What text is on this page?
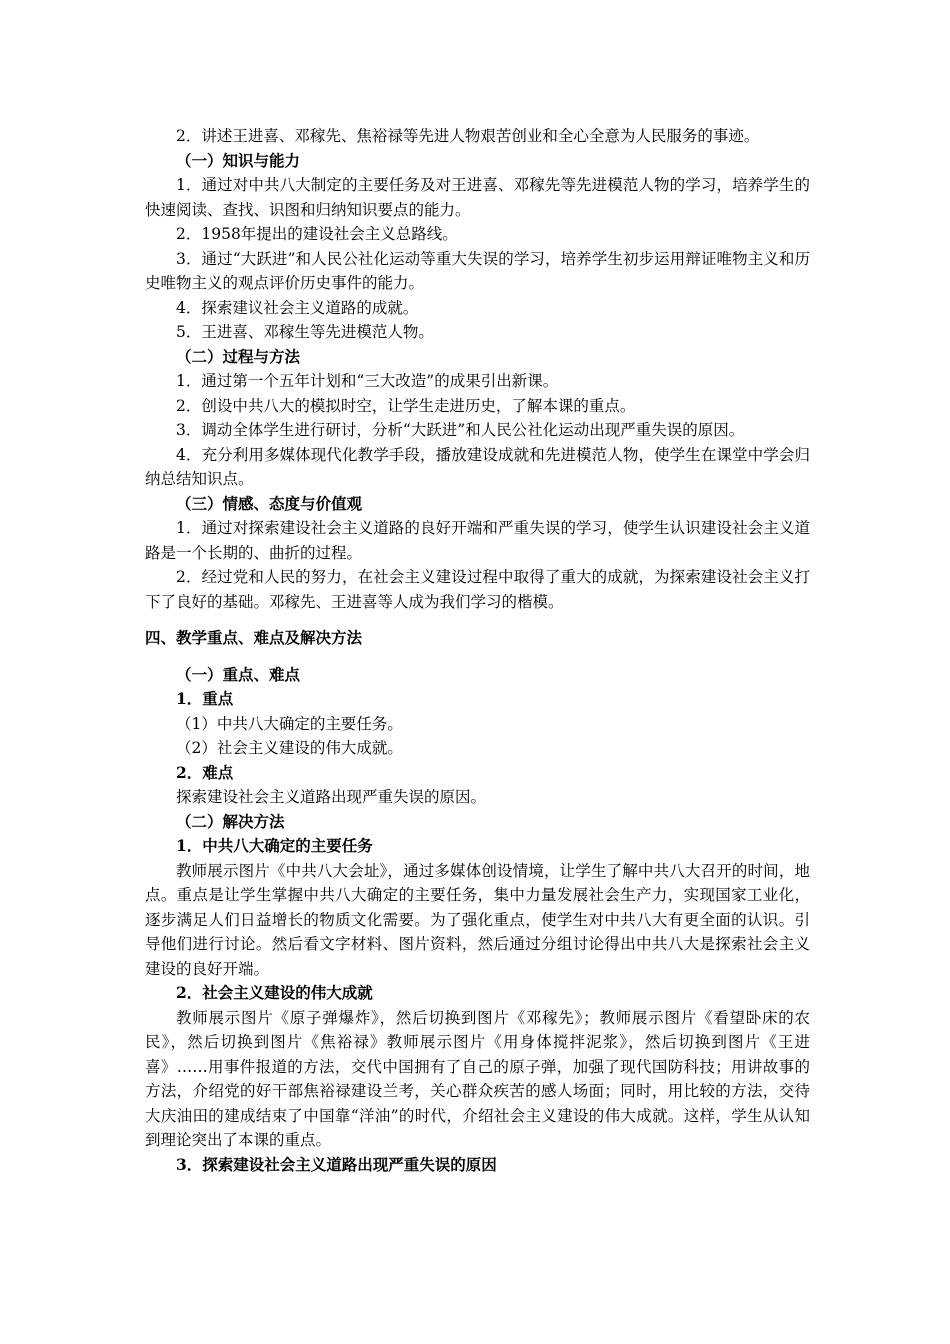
2．讲述王进喜、邓稼先、焦裕禄等先进人物艰苦创业和全心全意为人民服务的事迹。

（一）知识与能力

1．通过对中共八大制定的主要任务及对王进喜、邓稼先等先进模范人物的学习，培养学生的快速阅读、查找、识图和归纳知识要点的能力。

2．1958年提出的建设社会主义总路线。

3．通过“大跃进”和人民公社化运动等重大失误的学习，培养学生初步运用辩证唯物主义和历史唯物主义的观点评价历史事件的能力。

4．探索建议社会主义道路的成就。

5．王进喜、邓稼生等先进模范人物。

（二）过程与方法

1．通过第一个五年计划和“三大改造”的成果引出新课。

2．创设中共八大的模拟时空，让学生走进历史，了解本课的重点。

3．调动全体学生进行研讨，分析“大跃进”和人民公社化运动出现严重失误的原因。

4．充分利用多媒体现代化教学手段，播放建设成就和先进模范人物，使学生在课堂中学会归纳总结知识点。

（三）情感、态度与价值观

1．通过对探索建设社会主义道路的良好开端和严重失误的学习，使学生认识建设社会主义道路是一个长期的、曲折的过程。

2．经过党和人民的努力，在社会主义建设过程中取得了重大的成就，为探索建设社会主义打下了良好的基础。邓稼先、王进喜等人成为我们学习的楷模。

四、教学重点、难点及解决方法

（一）重点、难点

1．重点

（1）中共八大确定的主要任务。

（2）社会主义建设的伟大成就。

2．难点

探索建设社会主义道路出现严重失误的原因。

（二）解决方法

1．中共八大确定的主要任务

教师展示图片《中共八大会址》，通过多媒体创设情境，让学生了解中共八大召开的时间，地点。重点是让学生掌握中共八大确定的主要任务，集中力量发展社会生产力，实现国家工业化，逐步满足人们日益增长的物质文化需要。为了强化重点，使学生对中共八大有更全面的认识。引导他们进行讨论。然后看文字材料、图片资料，然后通过分组讨论得出中共八大是探索社会主义建设的良好开端。

2．社会主义建设的伟大成就

教师展示图片《原子弹爆炸》，然后切换到图片《邓稼先》；教师展示图片《看望卧床的农民》，然后切换到图片《焦裕禄》教师展示图片《用身体搅拌泥浆》，然后切换到图片《王进喜》……用事件报道的方法，交代中国拥有了自己的原子弹，加强了现代国防科技；用讲故事的方法，介绍党的好干部焦裕禄建设兰考，关心群众疾苦的感人场面；同时，用比较的方法，交待大庆油田的建成结束了中国靠“洋油”的时代，介绍社会主义建设的伟大成就。这样，学生从认知到理论突出了本课的重点。

3．探索建设社会主义道路出现严重失误的原因
